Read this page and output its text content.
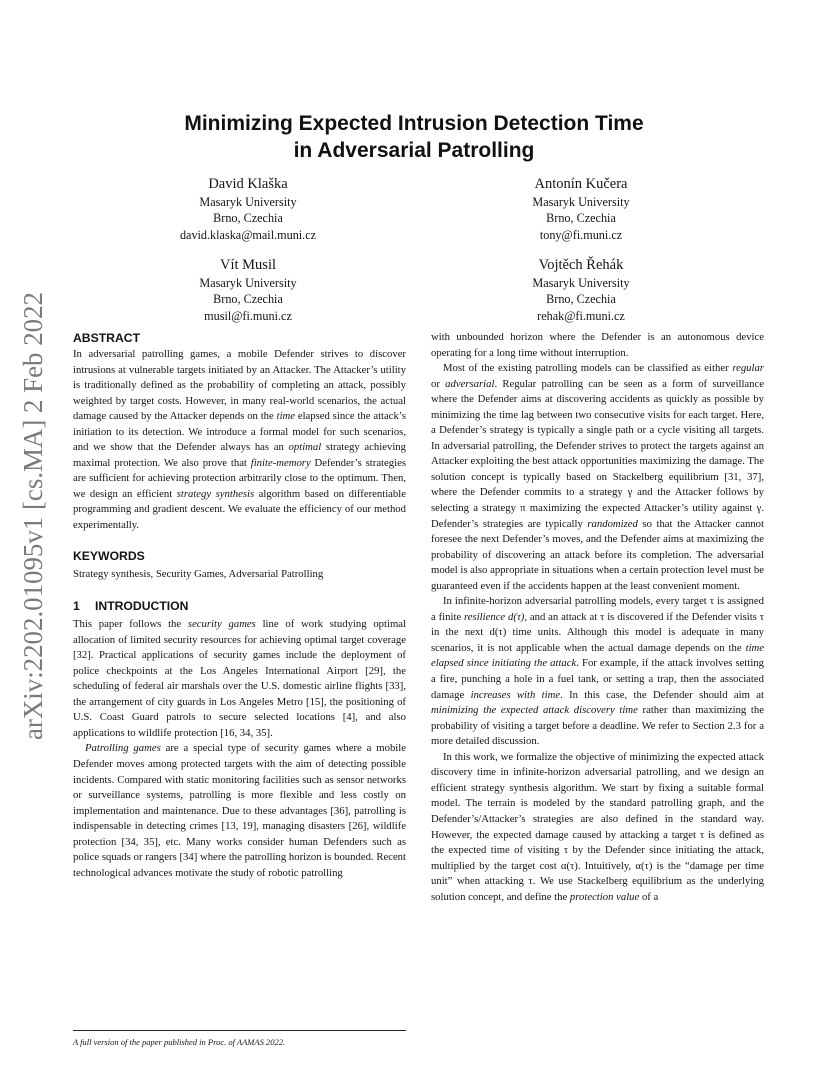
arXiv:2202.01095v1 [cs.MA] 2 Feb 2022
Minimizing Expected Intrusion Detection Time
in Adversarial Patrolling
David Klaška
Masaryk University
Brno, Czechia
david.klaska@mail.muni.cz
Antonín Kučera
Masaryk University
Brno, Czechia
tony@fi.muni.cz
Vít Musil
Masaryk University
Brno, Czechia
musil@fi.muni.cz
Vojtěch Řehák
Masaryk University
Brno, Czechia
rehak@fi.muni.cz
ABSTRACT

In adversarial patrolling games, a mobile Defender strives to discover intrusions at vulnerable targets initiated by an Attacker. The Attacker’s utility is traditionally defined as the probability of completing an attack, possibly weighted by target costs. However, in many real-world scenarios, the actual damage caused by the Attacker depends on the time elapsed since the attack’s initiation to its detection. We introduce a formal model for such scenarios, and we show that the Defender always has an optimal strategy achieving maximal protection. We also prove that finite-memory Defender’s strategies are sufficient for achieving protection arbitrarily close to the optimum. Then, we design an efficient strategy synthesis algorithm based on differentiable programming and gradient descent. We evaluate the efficiency of our method experimentally.

KEYWORDS

Strategy synthesis, Security Games, Adversarial Patrolling

1 INTRODUCTION

This paper follows the security games line of work studying optimal allocation of limited security resources for achieving optimal target coverage [32]. Practical applications of security games include the deployment of police checkpoints at the Los Angeles International Airport [29], the scheduling of federal air marshals over the U.S. domestic airline flights [33], the arrangement of city guards in Los Angeles Metro [15], the positioning of U.S. Coast Guard patrols to secure selected locations [4], and also applications to wildlife protection [16, 34, 35].

Patrolling games are a special type of security games where a mobile Defender moves among protected targets with the aim of detecting possible incidents. Compared with static monitoring facilities such as sensor networks or surveillance systems, patrolling is more flexible and less costly on implementation and maintenance. Due to these advantages [36], patrolling is indispensable in detecting crimes [13, 19], managing disasters [26], wildlife protection [34, 35], etc. Many works consider human Defenders such as police squads or rangers [34] where the patrolling horizon is bounded. Recent technological advances motivate the study of robotic patrolling

with unbounded horizon where the Defender is an autonomous device operating for a long time without interruption.

Most of the existing patrolling models can be classified as either regular or adversarial. Regular patrolling can be seen as a form of surveillance where the Defender aims at discovering accidents as quickly as possible by minimizing the time lag between two consecutive visits for each target. Here, a Defender’s strategy is typically a single path or a cycle visiting all targets. In adversarial patrolling, the Defender strives to protect the targets against an Attacker exploiting the best attack opportunities maximizing the damage. The solution concept is typically based on Stackelberg equilibrium [31, 37], where the Defender commits to a strategy γ and the Attacker follows by selecting a strategy π maximizing the expected Attacker’s utility against γ. Defender’s strategies are typically randomized so that the Attacker cannot foresee the next Defender’s moves, and the Defender aims at maximizing the probability of discovering an attack before its completion. The adversarial model is also appropriate in situations when a certain protection level must be guaranteed even if the accidents happen at the least convenient moment.

In infinite-horizon adversarial patrolling models, every target τ is assigned a finite resilience d(τ), and an attack at τ is discovered if the Defender visits τ in the next d(τ) time units. Although this model is adequate in many scenarios, it is not applicable when the actual damage depends on the time elapsed since initiating the attack. For example, if the attack involves setting a fire, punching a hole in a fuel tank, or setting a trap, then the associated damage increases with time. In this case, the Defender should aim at minimizing the expected attack discovery time rather than maximizing the probability of visiting a target before a deadline. We refer to Section 2.3 for a more detailed discussion.

In this work, we formalize the objective of minimizing the expected attack discovery time in infinite-horizon adversarial patrolling, and we design an efficient strategy synthesis algorithm. We start by fixing a suitable formal model. The terrain is modeled by the standard patrolling graph, and the Defender’s/Attacker’s strategies are also defined in the standard way. However, the expected damage caused by attacking a target τ is defined as the expected time of visiting τ by the Defender since initiating the attack, multiplied by the target cost α(τ). Intuitively, α(τ) is the “damage per time unit” when attacking τ. We use Stackelberg equilibrium as the underlying solution concept, and define the protection value of a

A full version of the paper published in Proc. of AAMAS 2022.
